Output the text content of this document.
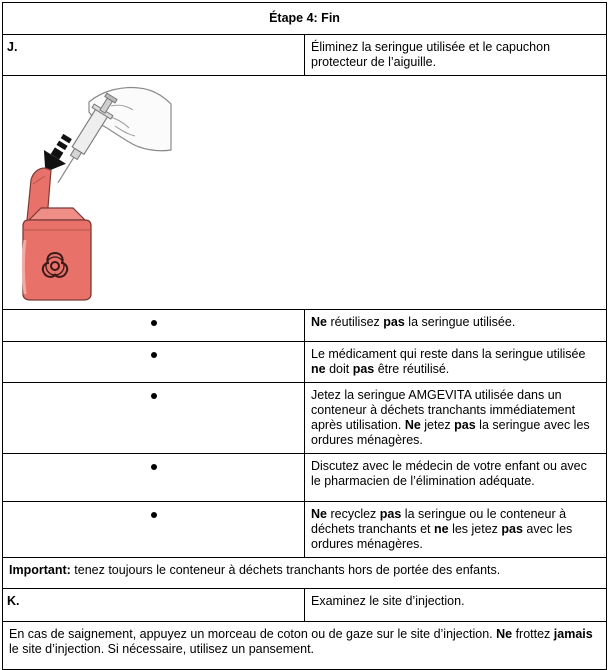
Étape 4: Fin	
J.	Éliminez la seringue utilisée et le capuchon protecteur de l’aiguille.

	Ne réutilisez pas la seringue utilisée.
	Le médicament qui reste dans la seringue utilisée ne doit pas être réutilisé.
	Jetez la seringue AMGEVITA utilisée dans un conteneur à déchets tranchants immédiatement après utilisation. Ne jetez pas la seringue avec les ordures ménagères.
	Discutez avec le médecin de votre enfant ou avec le pharmacien de l’élimination adéquate.
	Ne recyclez pas la seringue ou le conteneur à déchets tranchants et ne les jetez pas avec les ordures ménagères.
Important: tenez toujours le conteneur à déchets tranchants hors de portée des enfants.	
K.	Examinez le site d’injection.
En cas de saignement, appuyez un morceau de coton ou de gaze sur le site d’injection. Ne frottez jamais le site d’injection. Si nécessaire, utilisez un pansement.	
